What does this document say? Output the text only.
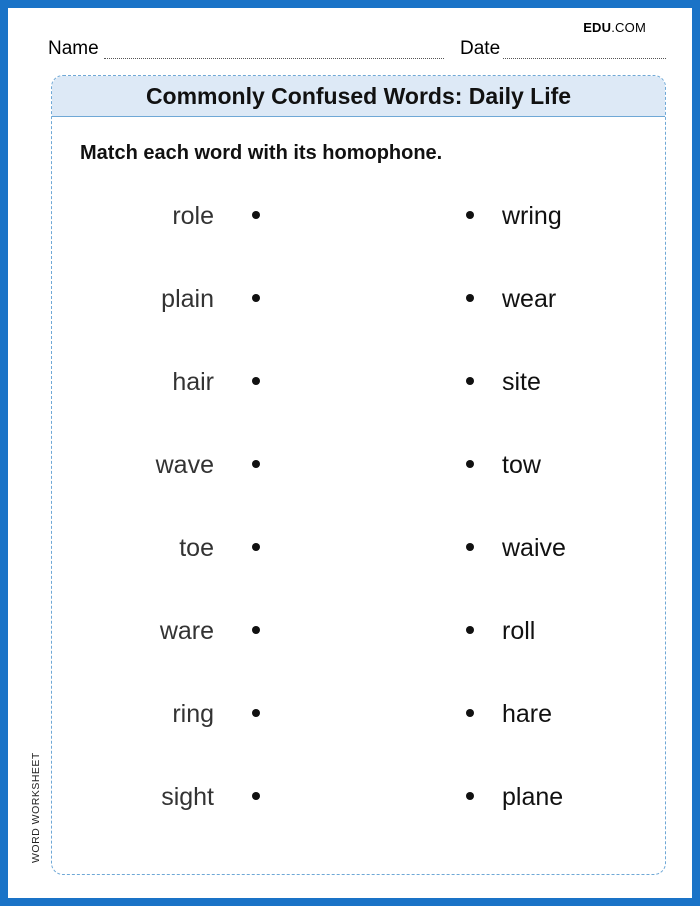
EDU.COM
Name	Date
Commonly Confused Words: Daily Life
Match each word with its homophone.
role	wring
plain	wear
hair	site
wave	tow
toe	waive
ware	roll
ring	hare
sight	plane
WORD WORKSHEET
